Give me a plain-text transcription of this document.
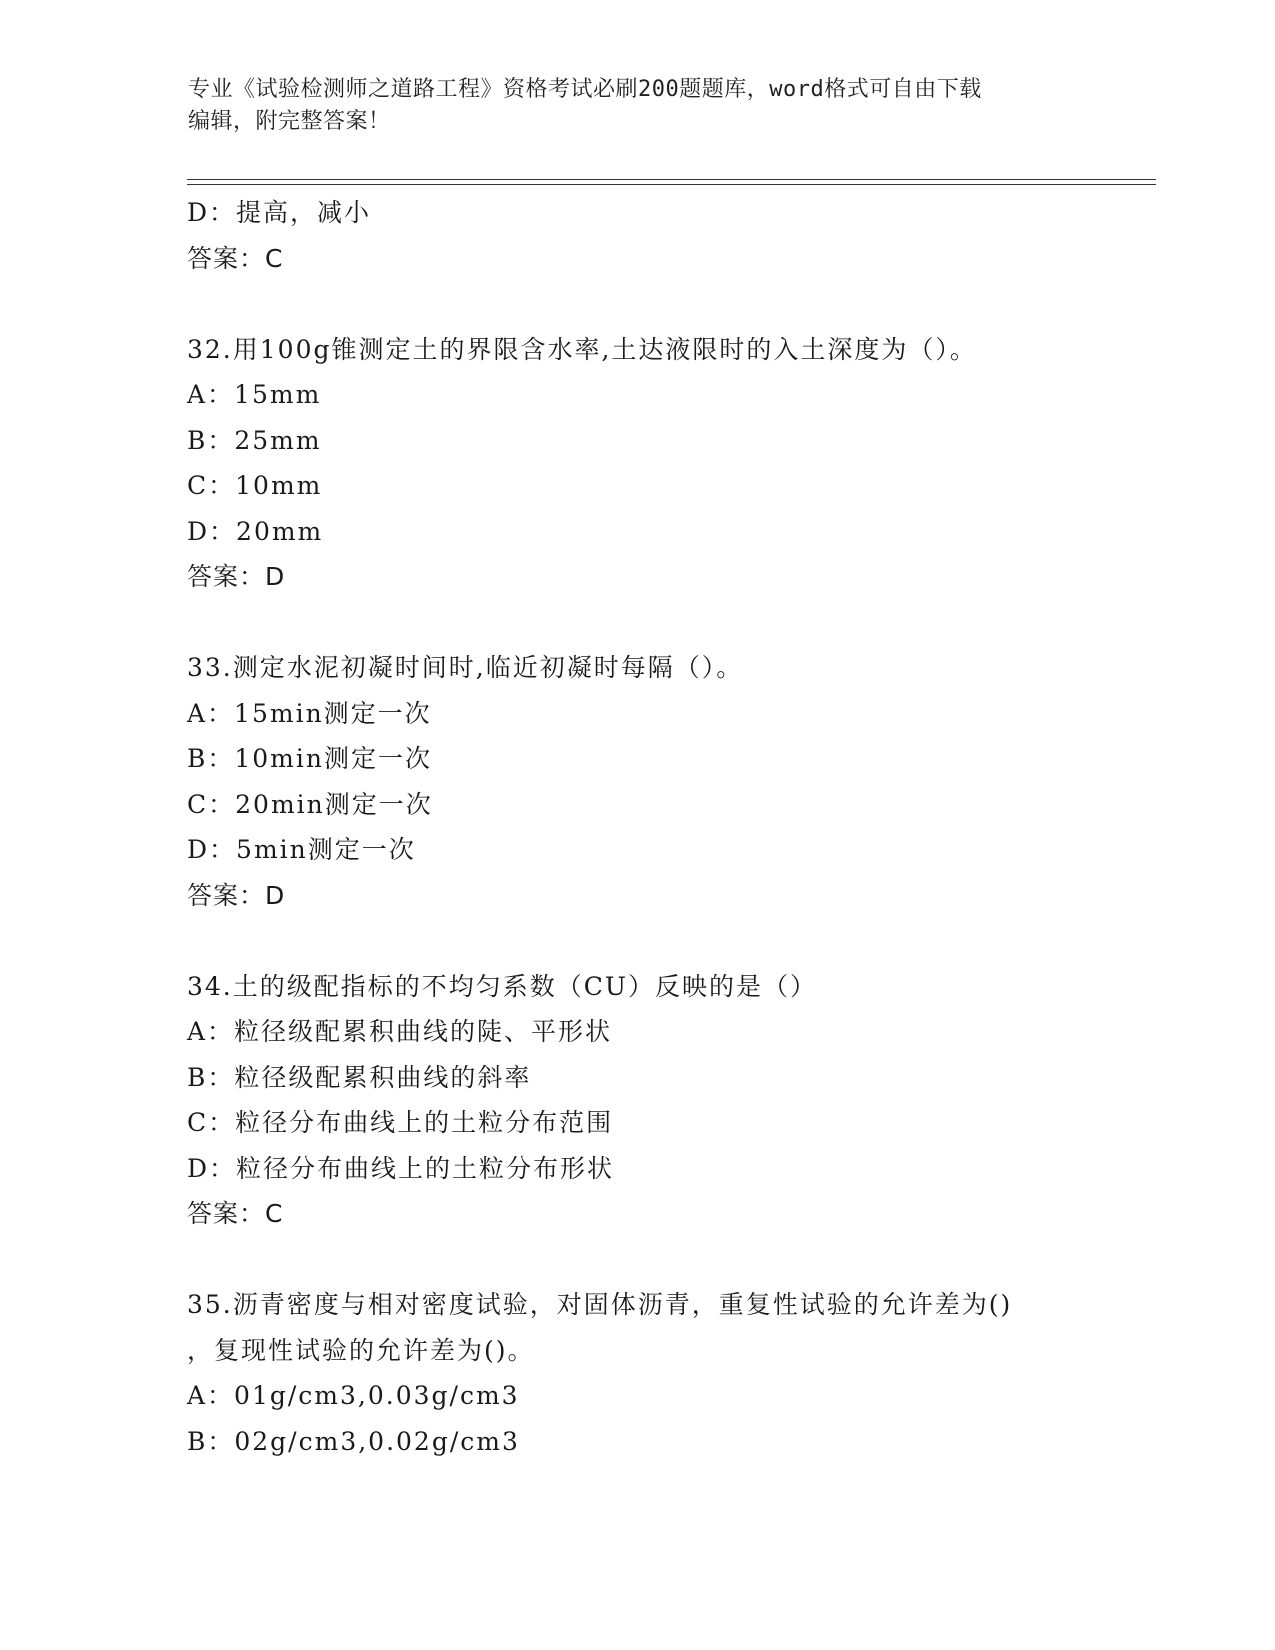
专业《试验检测师之道路工程》资格考试必刷200题题库，word格式可自由下载
编辑，附完整答案！
D：提高，减小
答案：C
32.用100g锥测定土的界限含水率,土达液限时的入土深度为（）。
A：15mm
B：25mm
C：10mm
D：20mm
答案：D
33.测定水泥初凝时间时,临近初凝时每隔（）。
A：15min测定一次
B：10min测定一次
C：20min测定一次
D：5min测定一次
答案：D
34.土的级配指标的不均匀系数（CU）反映的是（）
A：粒径级配累积曲线的陡、平形状
B：粒径级配累积曲线的斜率
C：粒径分布曲线上的土粒分布范围
D：粒径分布曲线上的土粒分布形状
答案：C
35.沥青密度与相对密度试验，对固体沥青，重复性试验的允许差为()
，复现性试验的允许差为()。
A：01g/cm3,0.03g/cm3
B：02g/cm3,0.02g/cm3
